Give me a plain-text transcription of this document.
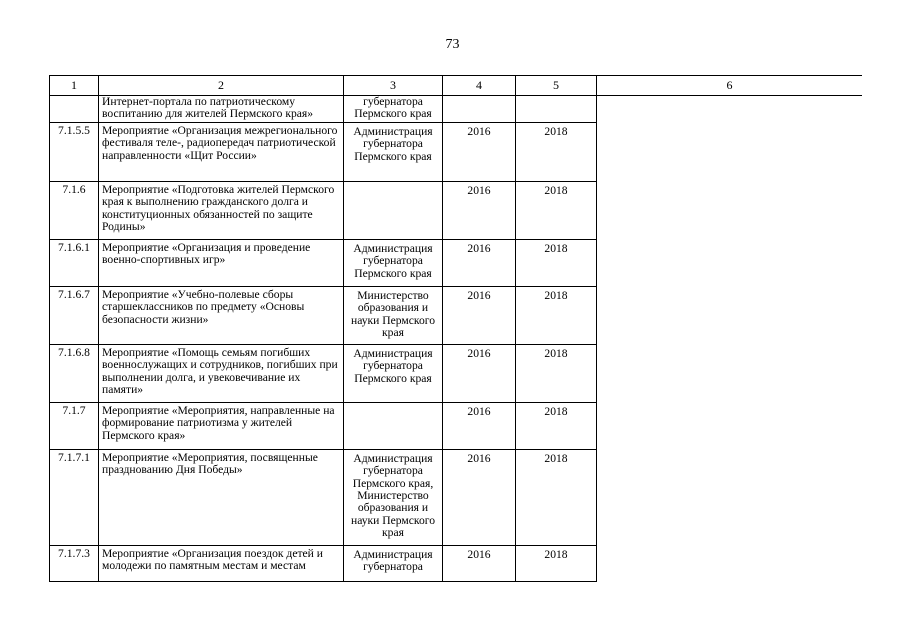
73
1	2	3	4	5	6
	Интернет-портала по патриотическому воспитанию для жителей Пермского края»	губернатора Пермского края			
7.1.5.5	Мероприятие «Организация межрегионального фестиваля теле-, радиопередач патриотической направленности «Щит России»	Администрация губернатора Пермского края	2016	2018	
7.1.6	Мероприятие «Подготовка жителей Пермского края к выполнению гражданского долга и конституционных обязанностей по защите Родины»		2016	2018	
7.1.6.1	Мероприятие «Организация и проведение военно-спортивных игр»	Администрация губернатора Пермского края	2016	2018	
7.1.6.7	Мероприятие «Учебно-полевые сборы старшеклассников по предмету «Основы безопасности жизни»	Министерство образования и науки Пермского края	2016	2018	
7.1.6.8	Мероприятие «Помощь семьям погибших военнослужащих и сотрудников, погибших при выполнении долга, и увековечивание их памяти»	Администрация губернатора Пермского края	2016	2018	
7.1.7	Мероприятие «Мероприятия, направленные на формирование патриотизма у жителей Пермского края»		2016	2018	
7.1.7.1	Мероприятие «Мероприятия, посвященные празднованию Дня Победы»	Администрация губернатора Пермского края, Министерство образования и науки Пермского края	2016	2018	
7.1.7.3	Мероприятие «Организация поездок детей и молодежи по памятным местам и местам	Администрация губернатора	2016	2018	
